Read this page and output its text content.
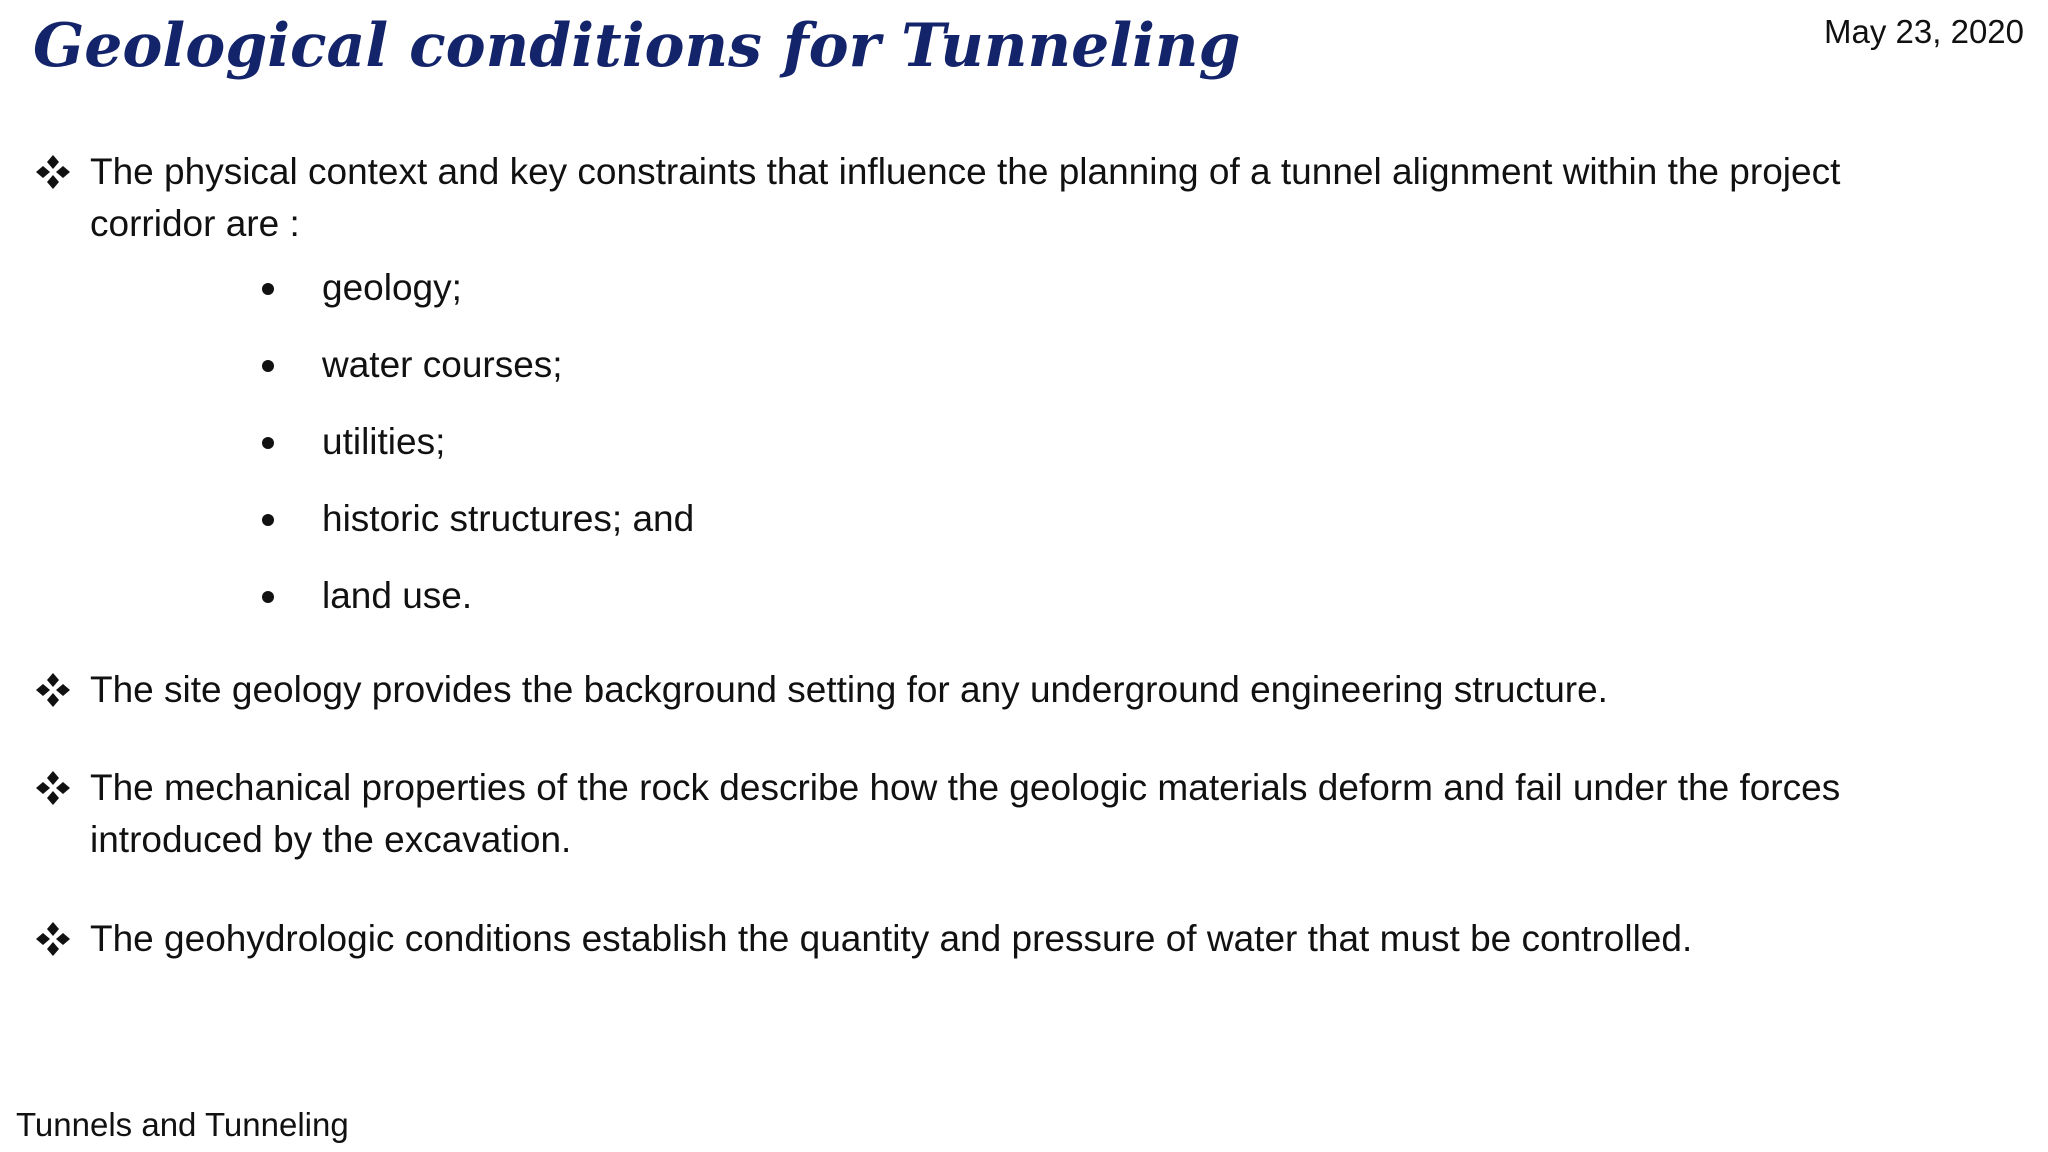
Geological conditions for Tunneling	May 23, 2020
The physical context and key constraints that influence the planning of a tunnel alignment within the project corridor are :
geology;
water courses;
utilities;
historic structures; and
land use.
The site geology provides the background setting for any underground engineering structure.
The mechanical properties of the rock describe how the geologic materials deform and fail under the forces introduced by the excavation.
The geohydrologic conditions establish the quantity and pressure of water that must be controlled.
Tunnels and Tunneling
